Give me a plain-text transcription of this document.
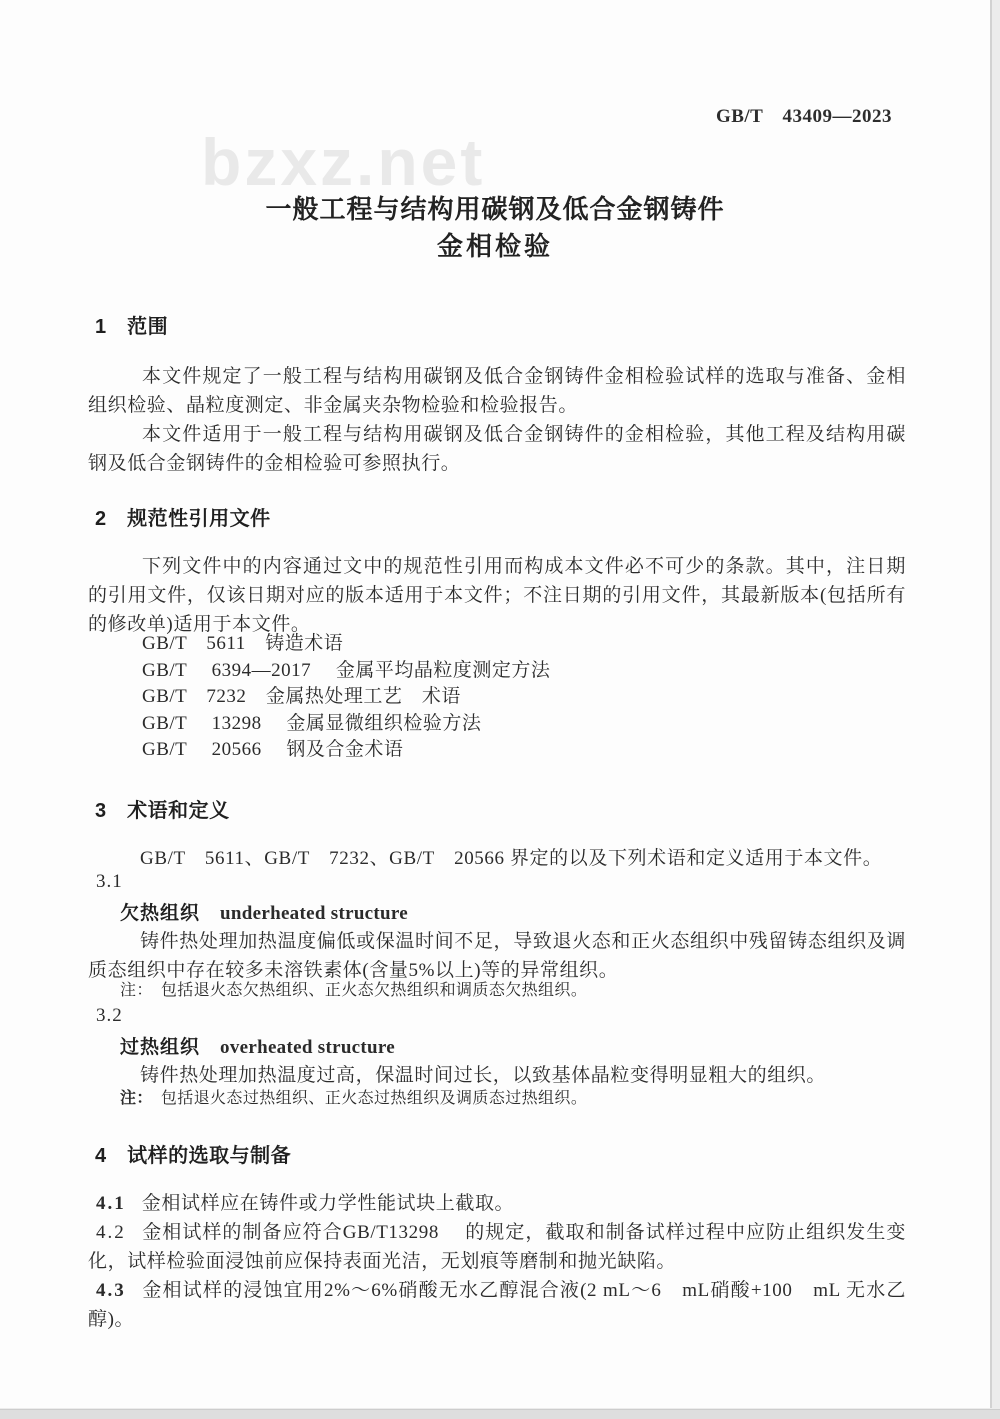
bzxz.net
GB/T　43409—2023
一般工程与结构用碳钢及低合金钢铸件
金相检验
1　范围

本文件规定了一般工程与结构用碳钢及低合金钢铸件金相检验试样的选取与准备、金相组织检验、晶粒度测定、非金属夹杂物检验和检验报告。

本文件适用于一般工程与结构用碳钢及低合金钢铸件的金相检验，其他工程及结构用碳钢及低合金钢铸件的金相检验可参照执行。

2　规范性引用文件

下列文件中的内容通过文中的规范性引用而构成本文件必不可少的条款。其中，注日期的引用文件，仅该日期对应的版本适用于本文件；不注日期的引用文件，其最新版本(包括所有的修改单)适用于本文件。

GB/T　5611　铸造术语
GB/T　 6394—2017　 金属平均晶粒度测定方法
GB/T　7232　金属热处理工艺　术语
GB/T　 13298　 金属显微组织检验方法
GB/T　 20566　 钢及合金术语
3　术语和定义

GB/T　5611、GB/T　7232、GB/T　20566 界定的以及下列术语和定义适用于本文件。

3.1
欠热组织 underheated structure

铸件热处理加热温度偏低或保温时间不足，导致退火态和正火态组织中残留铸态组织及调质态组织中存在较多未溶铁素体(含量5%以上)等的异常组织。

注： 包括退火态欠热组织、正火态欠热组织和调质态欠热组织。

3.2
过热组织 overheated structure

铸件热处理加热温度过高，保温时间过长，以致基体晶粒变得明显粗大的组织。

注： 包括退火态过热组织、正火态过热组织及调质态过热组织。

4　试样的选取与制备

4.1 金相试样应在铸件或力学性能试块上截取。

4.2 金相试样的制备应符合GB/T13298　 的规定，截取和制备试样过程中应防止组织发生变化，试样检验面浸蚀前应保持表面光洁，无划痕等磨制和抛光缺陷。

4.3 金相试样的浸蚀宜用2%～6%硝酸无水乙醇混合液(2 mL～6　mL硝酸+100　mL 无水乙醇)。
